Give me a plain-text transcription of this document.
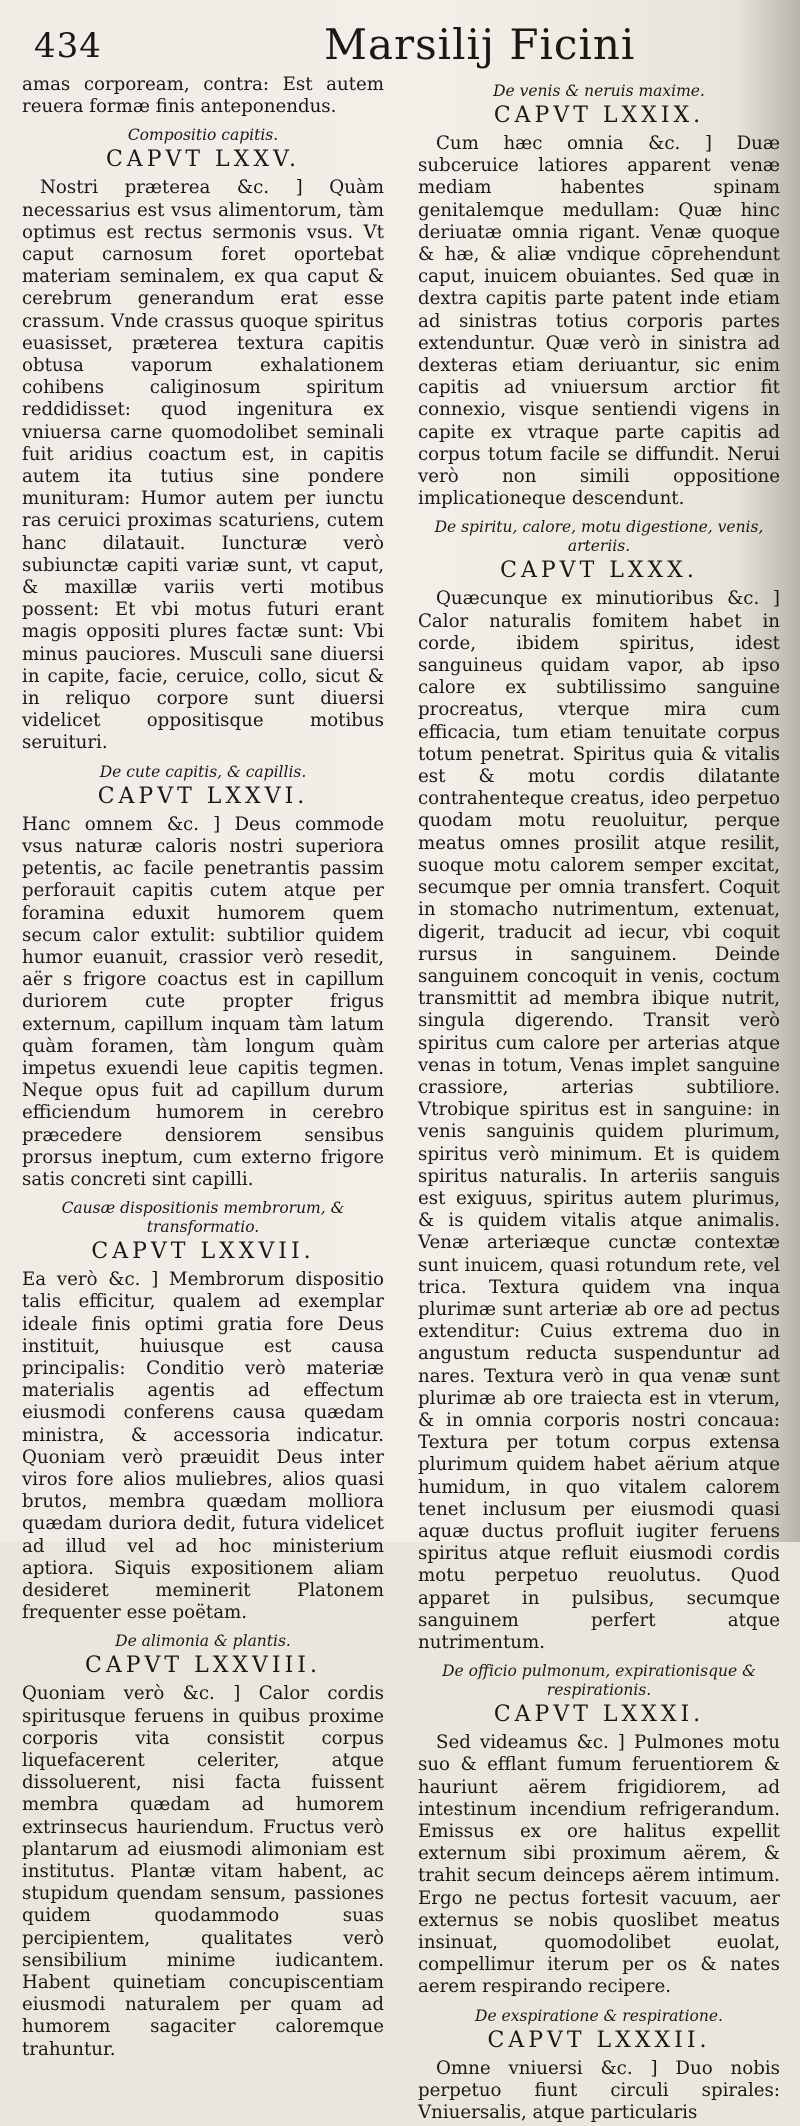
434	Marsilij Ficini

amas corpoream, contra: Est autem reuera formæ finis anteponendus.

Compositio capitis.
CAPVT LXXV.

Nostri præterea &c. ] Quàm necessarius est vsus alimentorum, tàm optimus est rectus sermonis vsus. Vt caput carnosum foret oportebat materiam seminalem, ex qua caput & cerebrum generandum erat esse crassum. Vnde crassus quoque spiritus euasisset, præterea textura capitis obtusa vaporum exhalationem cohibens caliginosum spiritum reddidisset: quod ingenitura ex vniuersa carne quomodolibet seminali fuit aridius coactum est, in capitis autem ita tutius sine pondere munituram: Humor autem per iunctu ras ceruici proximas scaturiens, cutem hanc dilatauit. Iuncturæ verò subiunctæ capiti variæ sunt, vt caput, & maxillæ variis verti motibus possent: Et vbi motus futuri erant magis oppositi plures factæ sunt: Vbi minus pauciores. Musculi sane diuersi in capite, facie, ceruice, collo, sicut & in reliquo corpore sunt diuersi videlicet oppositisque motibus seruituri.

De cute capitis, & capillis.
CAPVT LXXVI.

Hanc omnem &c. ] Deus commode vsus naturæ caloris nostri superiora petentis, ac facile penetrantis passim perforauit capitis cutem atque per foramina eduxit humorem quem secum calor extulit: subtilior quidem humor euanuit, crassior verò resedit, aër s frigore coactus est in capillum duriorem cute propter frigus externum, capillum inquam tàm latum quàm foramen, tàm longum quàm impetus exuendi leue capitis tegmen. Neque opus fuit ad capillum durum efficiendum humorem in cerebro præcedere densiorem sensibus prorsus ineptum, cum externo frigore satis concreti sint capilli.

Causæ dispositionis membrorum, & transformatio.
CAPVT LXXVII.

Ea verò &c. ] Membrorum dispositio talis efficitur, qualem ad exemplar ideale finis optimi gratia fore Deus instituit, huiusque est causa principalis: Conditio verò materiæ materialis agentis ad effectum eiusmodi conferens causa quædam ministra, & accessoria indicatur. Quoniam verò præuidit Deus inter viros fore alios muliebres, alios quasi brutos, membra quædam molliora quædam duriora dedit, futura videlicet ad illud vel ad hoc ministerium aptiora. Siquis expositionem aliam desideret meminerit Platonem frequenter esse poëtam.

De alimonia & plantis.
CAPVT LXXVIII.

Quoniam verò &c. ] Calor cordis spiritusque feruens in quibus proxime corporis vita consistit corpus liquefacerent celeriter, atque dissoluerent, nisi facta fuissent membra quædam ad humorem extrinsecus hauriendum. Fructus verò plantarum ad eiusmodi alimoniam est institutus. Plantæ vitam habent, ac stupidum quendam sensum, passiones quidem quodammodo suas percipientem, qualitates verò sensibilium minime iudicantem. Habent quinetiam concupiscentiam eiusmodi naturalem per quam ad humorem sagaciter caloremque trahuntur.

De venis & neruis maxime.
CAPVT LXXIX.

Cum hæc omnia &c. ] Duæ subceruice latiores apparent venæ mediam habentes spinam genitalemque medullam: Quæ hinc deriuatæ omnia rigant. Venæ quoque & hæ, & aliæ vndique cōprehendunt caput, inuicem obuiantes. Sed quæ in dextra capitis parte patent inde etiam ad sinistras totius corporis partes extenduntur. Quæ verò in sinistra ad dexteras etiam deriuantur, sic enim capitis ad vniuersum arctior fit connexio, visque sentiendi vigens in capite ex vtraque parte capitis ad corpus totum facile se diffundit. Nerui verò non simili oppositione implicationeque descendunt.

De spiritu, calore, motu digestione, venis, arteriis.
CAPVT LXXX.

Quæcunque ex minutioribus &c. ] Calor naturalis fomitem habet in corde, ibidem spiritus, idest sanguineus quidam vapor, ab ipso calore ex subtilissimo sanguine procreatus, vterque mira cum efficacia, tum etiam tenuitate corpus totum penetrat. Spiritus quia & vitalis est & motu cordis dilatante contrahenteque creatus, ideo perpetuo quodam motu reuoluitur, perque meatus omnes prosilit atque resilit, suoque motu calorem semper excitat, secumque per omnia transfert. Coquit in stomacho nutrimentum, extenuat, digerit, traducit ad iecur, vbi coquit rursus in sanguinem. Deinde sanguinem concoquit in venis, coctum transmittit ad membra ibique nutrit, singula digerendo. Transit verò spiritus cum calore per arterias atque venas in totum, Venas implet sanguine crassiore, arterias subtiliore. Vtrobique spiritus est in sanguine: in venis sanguinis quidem plurimum, spiritus verò minimum. Et is quidem spiritus naturalis. In arteriis sanguis est exiguus, spiritus autem plurimus, & is quidem vitalis atque animalis. Venæ arteriæque cunctæ contextæ sunt inuicem, quasi rotundum rete, vel trica. Textura quidem vna inqua plurimæ sunt arteriæ ab ore ad pectus extenditur: Cuius extrema duo in angustum reducta suspenduntur ad nares. Textura verò in qua venæ sunt plurimæ ab ore traiecta est in vterum, & in omnia corporis nostri concaua: Textura per totum corpus extensa plurimum quidem habet aërium atque humidum, in quo vitalem calorem tenet inclusum per eiusmodi quasi aquæ ductus profluit iugiter feruens spiritus atque refluit eiusmodi cordis motu perpetuo reuolutus. Quod apparet in pulsibus, secumque sanguinem perfert atque nutrimentum.

De officio pulmonum, expirationisque & respirationis.
CAPVT LXXXI.

Sed videamus &c. ] Pulmones motu suo & efflant fumum feruentiorem & hauriunt aërem frigidiorem, ad intestinum incendium refrigerandum. Emissus ex ore halitus expellit externum sibi proximum aërem, & trahit secum deinceps aërem intimum. Ergo ne pectus fortesit vacuum, aer externus se nobis quoslibet meatus insinuat, quomodolibet euolat, compellimur iterum per os & nates aerem respirando recipere.

De exspiratione & respiratione.
CAPVT LXXXII.

Omne vniuersi &c. ] Duo nobis perpetuo fiunt circuli spirales: Vniuersalis, atque particularis
